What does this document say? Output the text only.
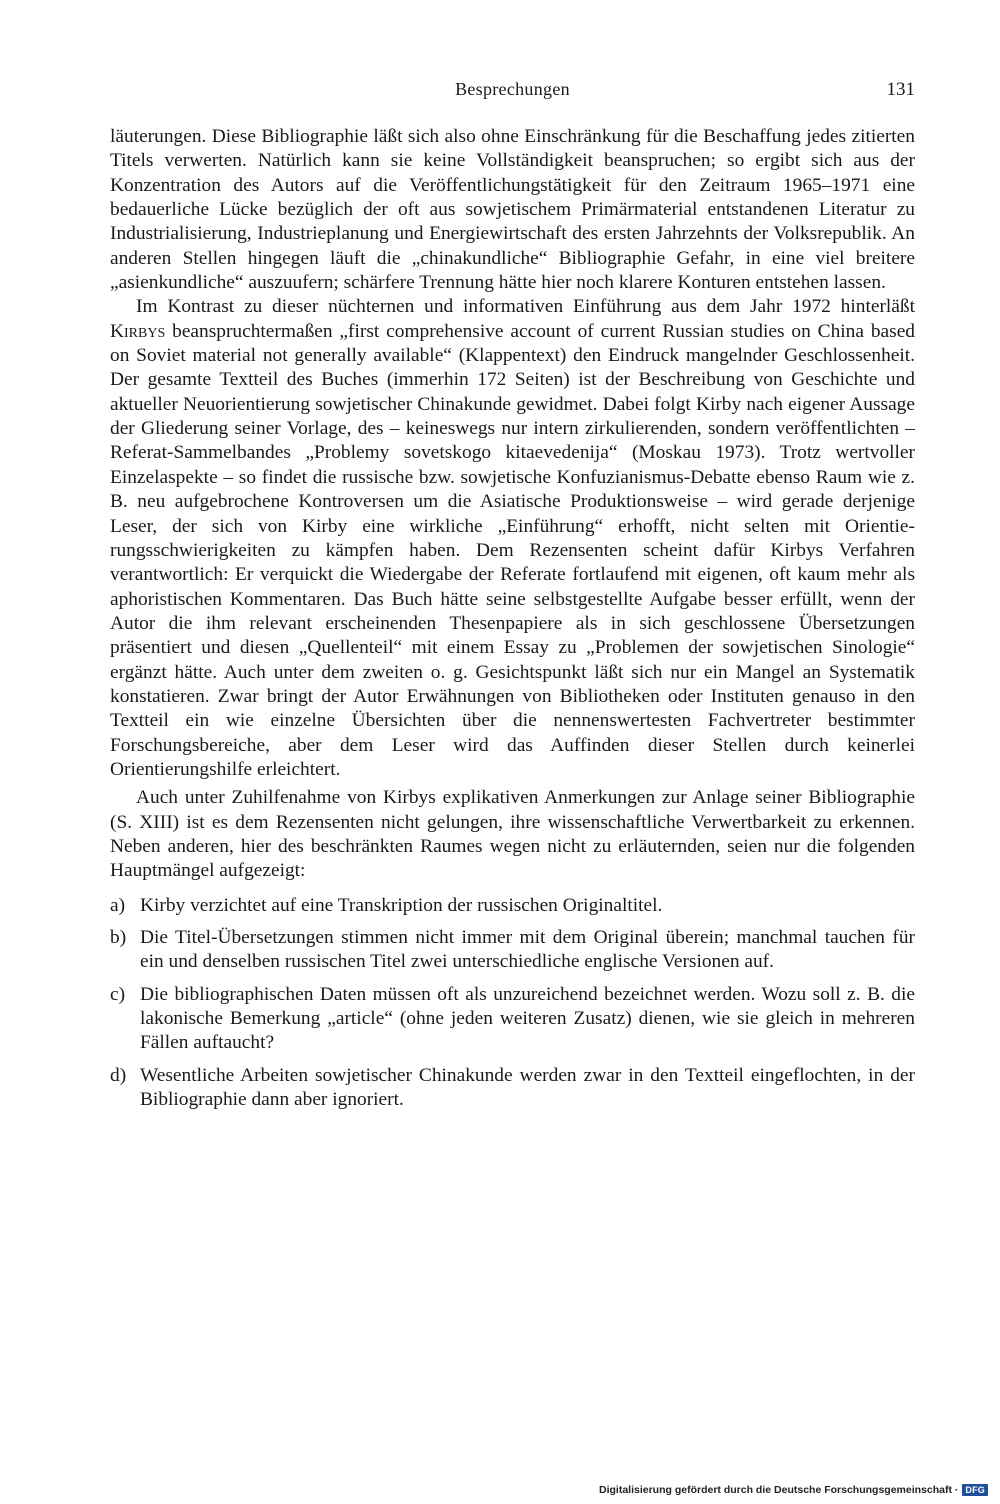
Besprechungen	131

läuterungen. Diese Bibliographie läßt sich also ohne Einschränkung für die Beschaffung jedes zitierten Titels verwerten. Natürlich kann sie keine Vollständigkeit beanspruchen; so ergibt sich aus der Konzentration des Autors auf die Veröffentlichungstätigkeit für den Zeitraum 1965–1971 eine bedauerliche Lücke bezüglich der oft aus sowjetischem Primärmaterial entstandenen Literatur zu Industrialisierung, Industrieplanung und Energiewirtschaft des ersten Jahrzehnts der Volksrepublik. An anderen Stellen hingegen läuft die „chinakundliche“ Bibliographie Gefahr, in eine viel breitere „asienkundliche“ auszuufern; schärfere Trennung hätte hier noch klarere Konturen entstehen lassen.

Im Kontrast zu dieser nüchternen und informativen Einführung aus dem Jahr 1972 hinterläßt Kirbys beanspruchtermaßen „first comprehensive account of current Russian studies on China based on Soviet material not generally available“ (Klappentext) den Eindruck mangelnder Geschlossenheit. Der gesamte Textteil des Buches (immerhin 172 Seiten) ist der Beschreibung von Geschichte und aktueller Neuorientierung sowjetischer Chinakunde gewidmet. Dabei folgt Kirby nach eigener Aussage der Gliederung seiner Vorlage, des – keineswegs nur intern zirkulierenden, sondern veröffentlichten – Referat-Sammelbandes „Problemy sovetskogo kitaevedenija“ (Moskau 1973). Trotz wertvoller Einzelaspekte – so findet die russische bzw. sowjetische Konfuzianismus-Debatte ebenso Raum wie z. B. neu aufgebrochene Kontroversen um die Asiatische Produktionsweise – wird gerade derjenige Leser, der sich von Kirby eine wirkliche „Einführung“ erhofft, nicht selten mit Orientierungsschwierigkeiten zu kämpfen haben. Dem Rezensenten scheint dafür Kirbys Verfahren verantwortlich: Er verquickt die Wiedergabe der Referate fortlaufend mit eigenen, oft kaum mehr als aphoristischen Kommentaren. Das Buch hätte seine selbstgestellte Aufgabe besser erfüllt, wenn der Autor die ihm relevant erscheinenden Thesenpapiere als in sich geschlossene Übersetzungen präsentiert und diesen „Quellenteil“ mit einem Essay zu „Problemen der sowjetischen Sinologie“ ergänzt hätte. Auch unter dem zweiten o. g. Gesichtspunkt läßt sich nur ein Mangel an Systematik konstatieren. Zwar bringt der Autor Erwähnungen von Bibliotheken oder Instituten genauso in den Textteil ein wie einzelne Übersichten über die nennenswertesten Fachvertreter bestimmter Forschungsbereiche, aber dem Leser wird das Auffinden dieser Stellen durch keinerlei Orientierungshilfe erleichtert.

Auch unter Zuhilfenahme von Kirbys explikativen Anmerkungen zur Anlage seiner Bibliographie (S. XIII) ist es dem Rezensenten nicht gelungen, ihre wissenschaftliche Verwertbarkeit zu erkennen. Neben anderen, hier des beschränkten Raumes wegen nicht zu erläuternden, seien nur die folgenden Hauptmängel aufgezeigt:

a) Kirby verzichtet auf eine Transkription der russischen Originaltitel.
b) Die Titel-Übersetzungen stimmen nicht immer mit dem Original überein; manchmal tauchen für ein und denselben russischen Titel zwei unterschiedliche englische Versionen auf.
c) Die bibliographischen Daten müssen oft als unzureichend bezeichnet werden. Wozu soll z. B. die lakonische Bemerkung „article“ (ohne jeden weiteren Zusatz) dienen, wie sie gleich in mehreren Fällen auftaucht?
d) Wesentliche Arbeiten sowjetischer Chinakunde werden zwar in den Textteil eingeflochten, in der Bibliographie dann aber ignoriert.
Digitalisierung gefördert durch die Deutsche Forschungsgemeinschaft · DFG
